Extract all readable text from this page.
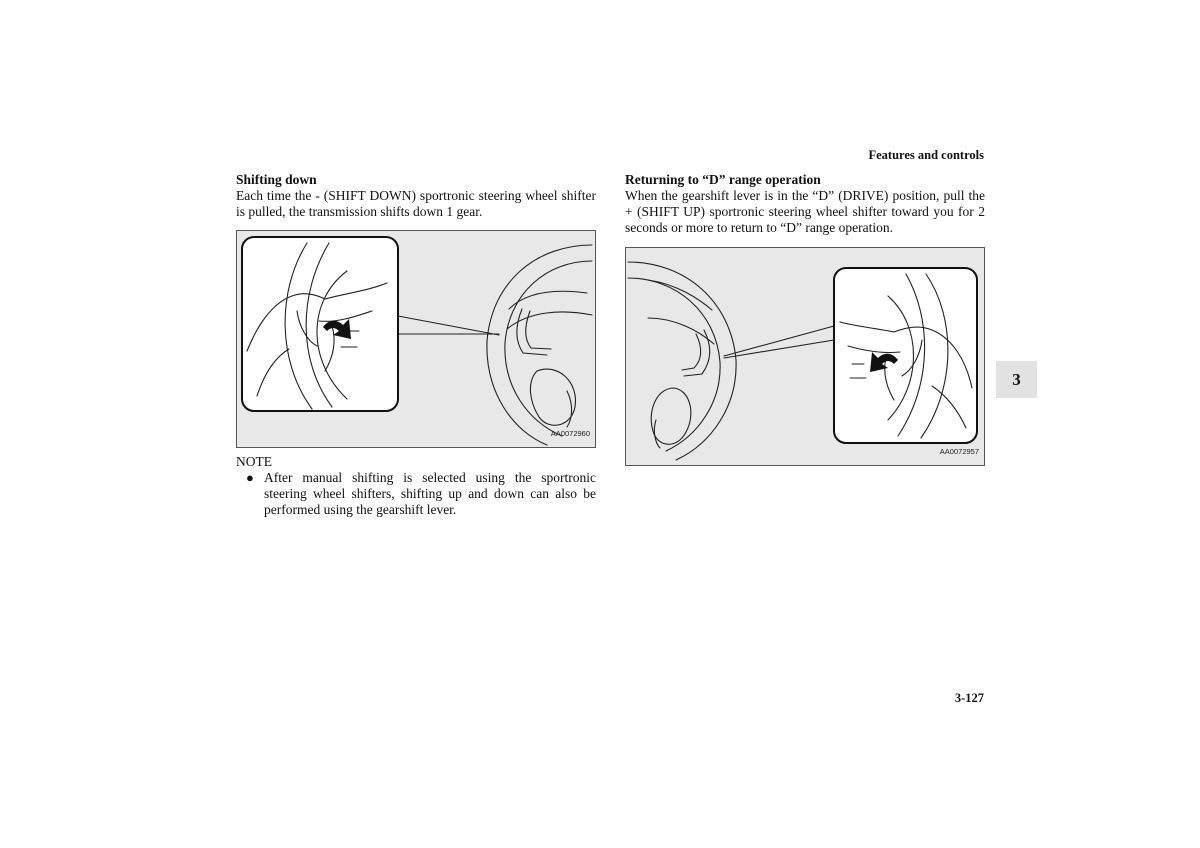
Features and controls
Shifting down

Each time the - (SHIFT DOWN) sportronic steering wheel shifter is pulled, the transmission shifts down 1 gear.

AA0072960
NOTE
● After manual shifting is selected using the sportronic steering wheel shifters, shifting up and down can also be performed using the gearshift lever.
Returning to “D” range operation

When the gearshift lever is in the “D” (DRIVE) position, pull the + (SHIFT UP) sportronic steering wheel shifter toward you for 2 seconds or more to return to “D” range operation.

AA0072957
3
3-127
